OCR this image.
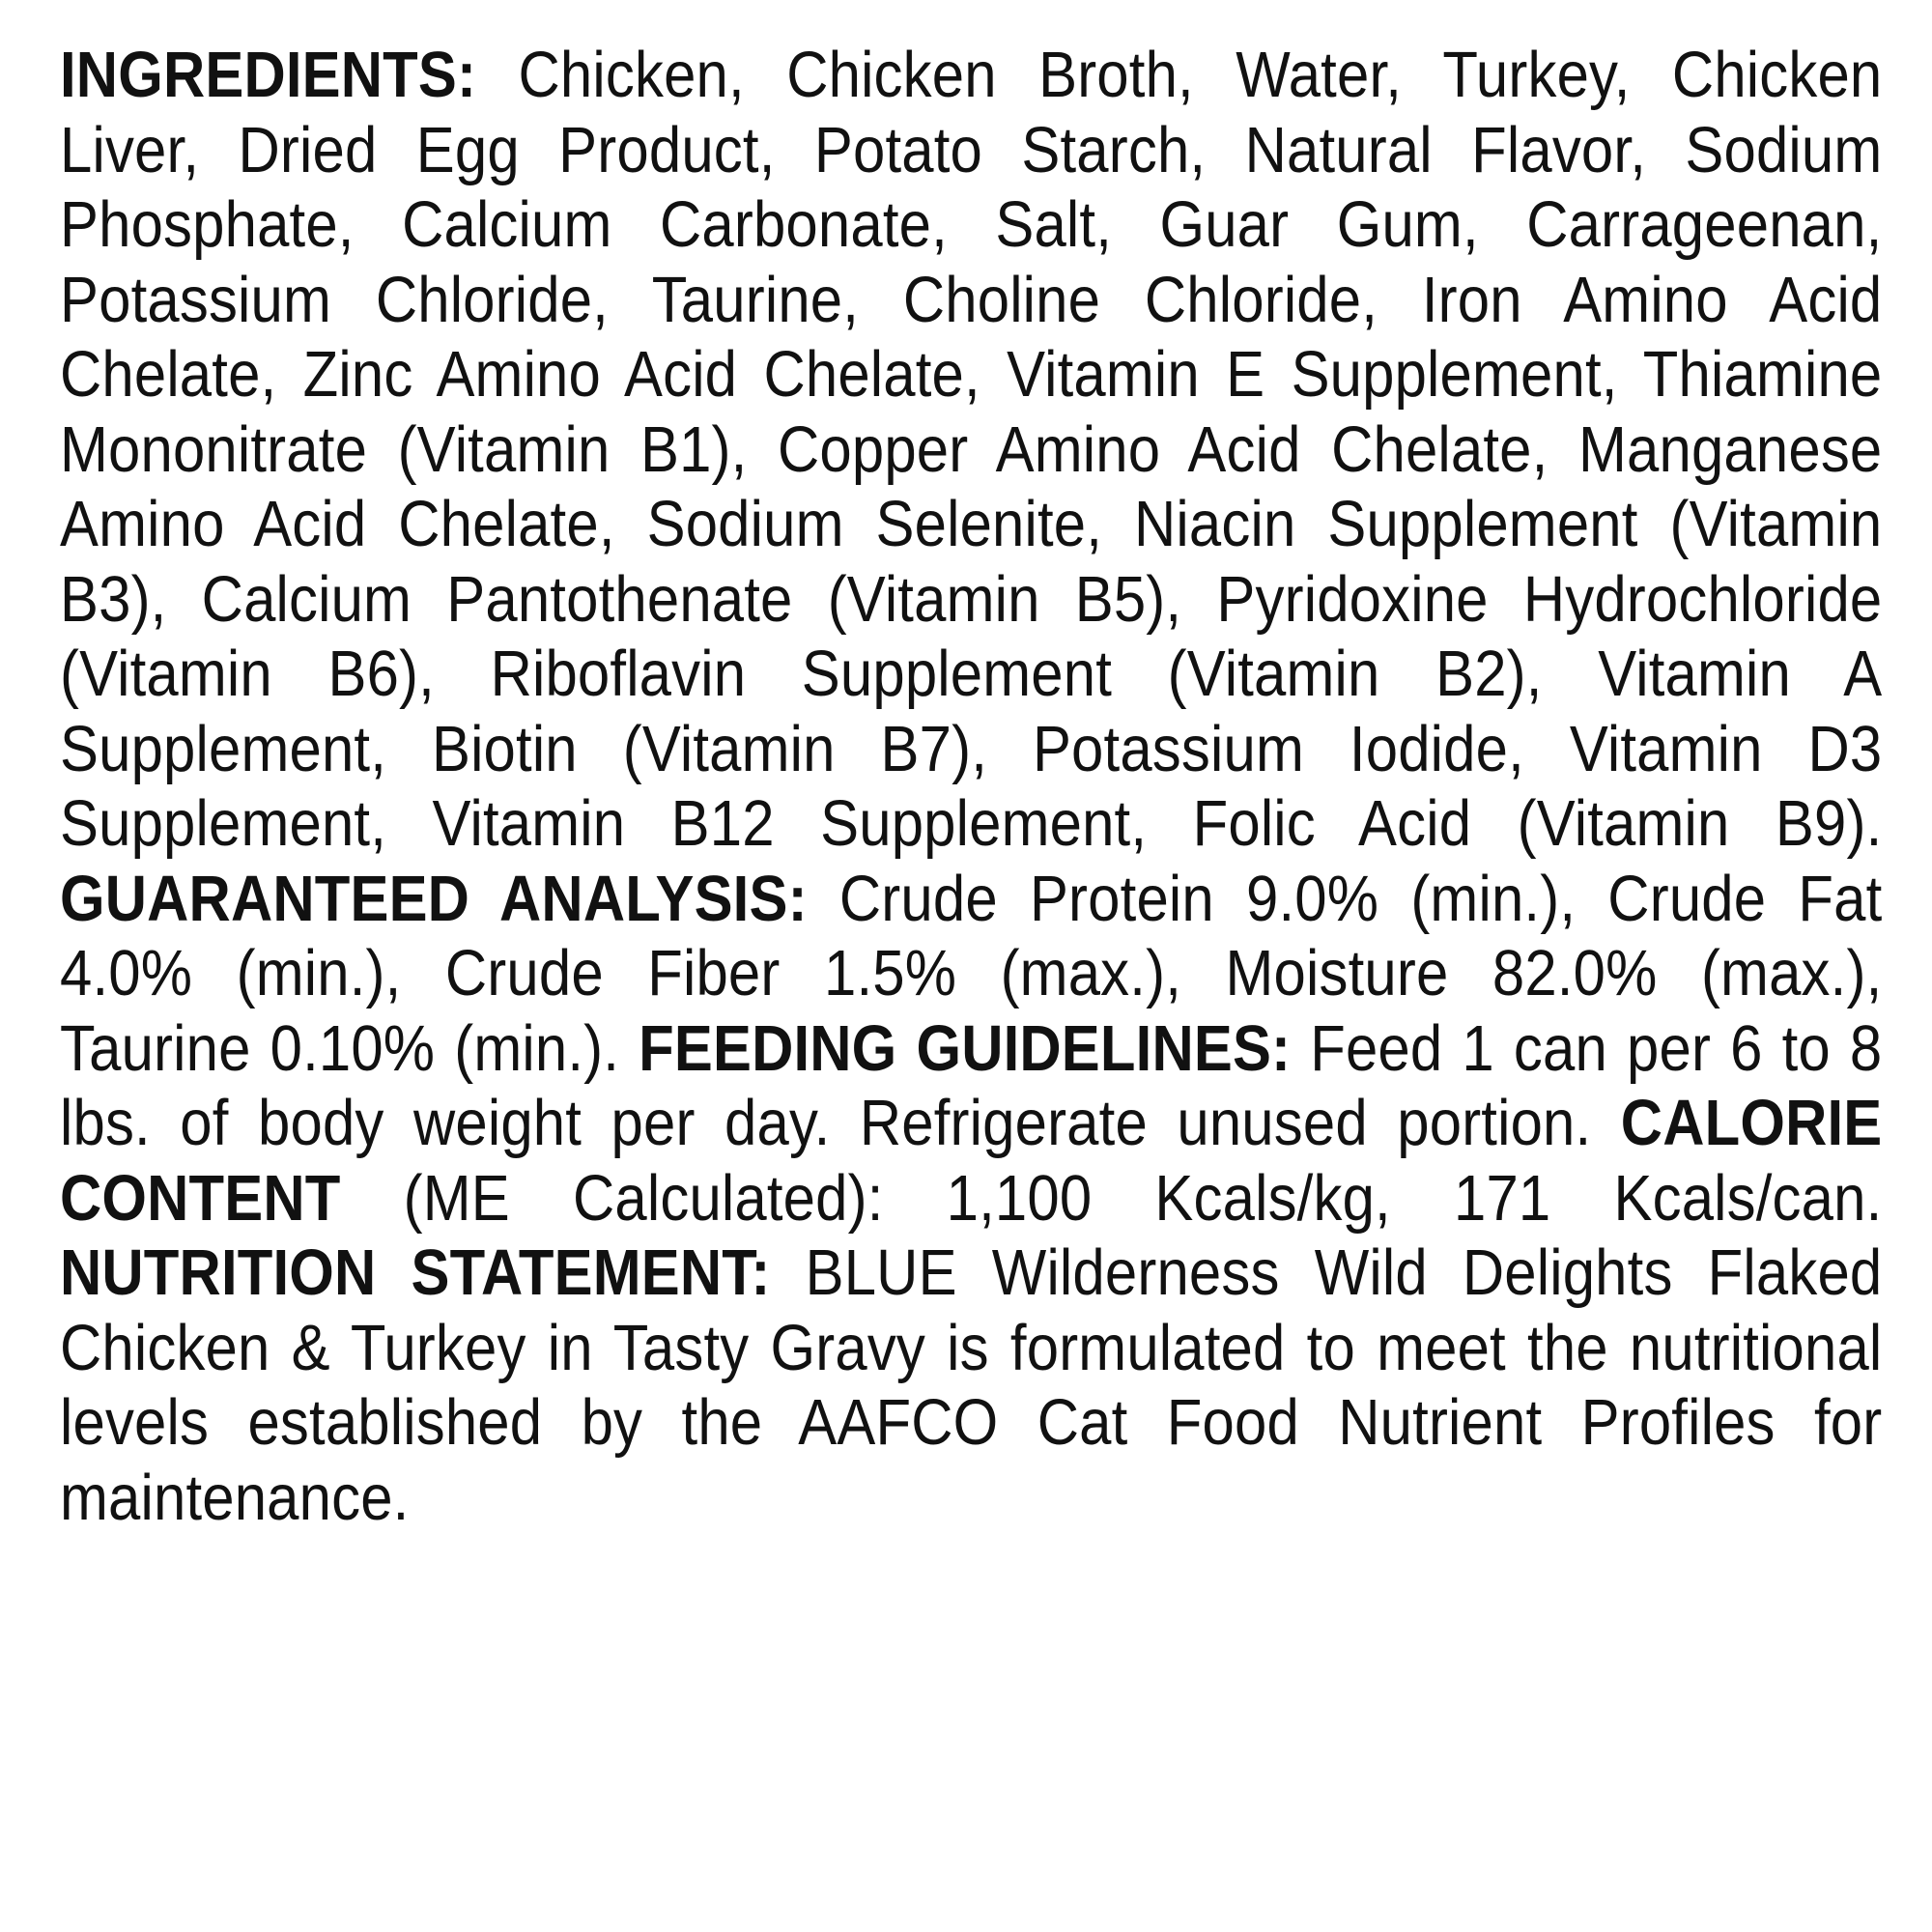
INGREDIENTS: Chicken, Chicken Broth, Water, Turkey, Chicken Liver, Dried Egg Product, Potato Starch, Natural Flavor, Sodium Phosphate, Calcium Carbonate, Salt, Guar Gum, Carrageenan, Potassium Chloride, Taurine, Choline Chloride, Iron Amino Acid Chelate, Zinc Amino Acid Chelate, Vitamin E Supplement, Thiamine Mononitrate (Vitamin B1), Copper Amino Acid Chelate, Manganese Amino Acid Chelate, Sodium Selenite, Niacin Supplement (Vitamin B3), Calcium Pantothenate (Vitamin B5), Pyridoxine Hydrochloride (Vitamin B6), Riboflavin Supplement (Vitamin B2), Vitamin A Supplement, Biotin (Vitamin B7), Potassium Iodide, Vitamin D3 Supplement, Vitamin B12 Supplement, Folic Acid (Vitamin B9). GUARANTEED ANALYSIS: Crude Protein 9.0% (min.), Crude Fat 4.0% (min.), Crude Fiber 1.5% (max.), Moisture 82.0% (max.), Taurine 0.10% (min.). FEEDING GUIDELINES: Feed 1 can per 6 to 8 lbs. of body weight per day. Refrigerate unused portion. CALORIE CONTENT (ME Calculated): 1,100 Kcals/kg, 171 Kcals/can. NUTRITION STATEMENT: BLUE Wilderness Wild Delights Flaked Chicken & Turkey in Tasty Gravy is formulated to meet the nutritional levels established by the AAFCO Cat Food Nutrient Profiles for maintenance.
